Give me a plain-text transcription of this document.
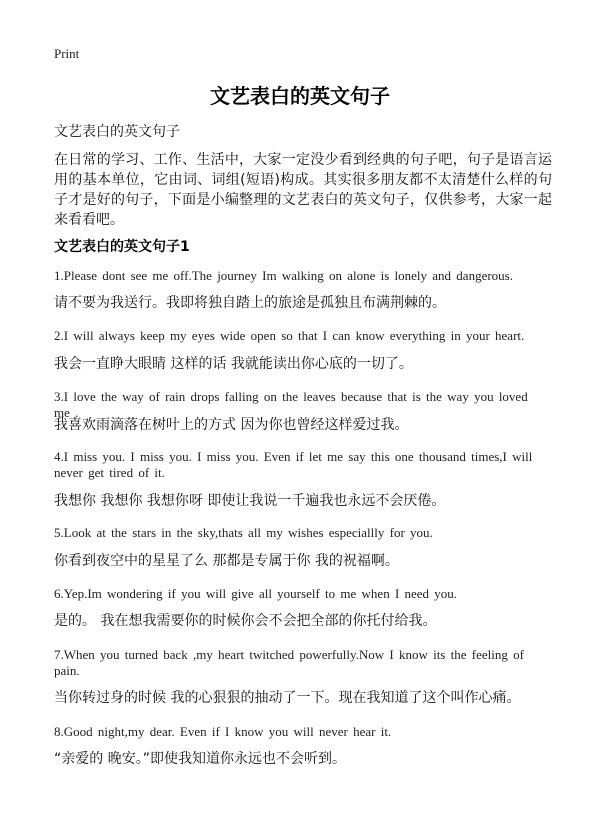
Print
文艺表白的英文句子
文艺表白的英文句子
在日常的学习、工作、生活中，大家一定没少看到经典的句子吧，句子是语言运用的基本单位，它由词、词组(短语)构成。其实很多朋友都不太清楚什么样的句子才是好的句子，下面是小编整理的文艺表白的英文句子，仅供参考，大家一起来看看吧。
文艺表白的英文句子1
1.Please dont see me off.The journey Im walking on alone is lonely and dangerous.
请不要为我送行。我即将独自踏上的旅途是孤独且布满荆棘的。
2.I will always keep my eyes wide open so that I can know everything in your heart.
我会一直睁大眼睛 这样的话 我就能读出你心底的一切了。
3.I love the way of rain drops falling on the leaves because that is the way you loved me .
我喜欢雨滴落在树叶上的方式 因为你也曾经这样爱过我。
4.I miss you. I miss you. I miss you. Even if let me say this one thousand times,I will never get tired of it.
我想你 我想你 我想你呀 即使让我说一千遍我也永远不会厌倦。
5.Look at the stars in the sky,thats all my wishes especiallly for you.
你看到夜空中的星星了么 那都是专属于你 我的祝福啊。
6.Yep.Im wondering if you will give all yourself to me when I need you.
是的。 我在想我需要你的时候你会不会把全部的你托付给我。
7.When you turned back ,my heart twitched powerfully.Now I know its the feeling of pain.
当你转过身的时候 我的心狠狠的抽动了一下。现在我知道了这个叫作心痛。
8.Good night,my dear. Even if I know you will never hear it.
“亲爱的 晚安。”即使我知道你永远也不会听到。
